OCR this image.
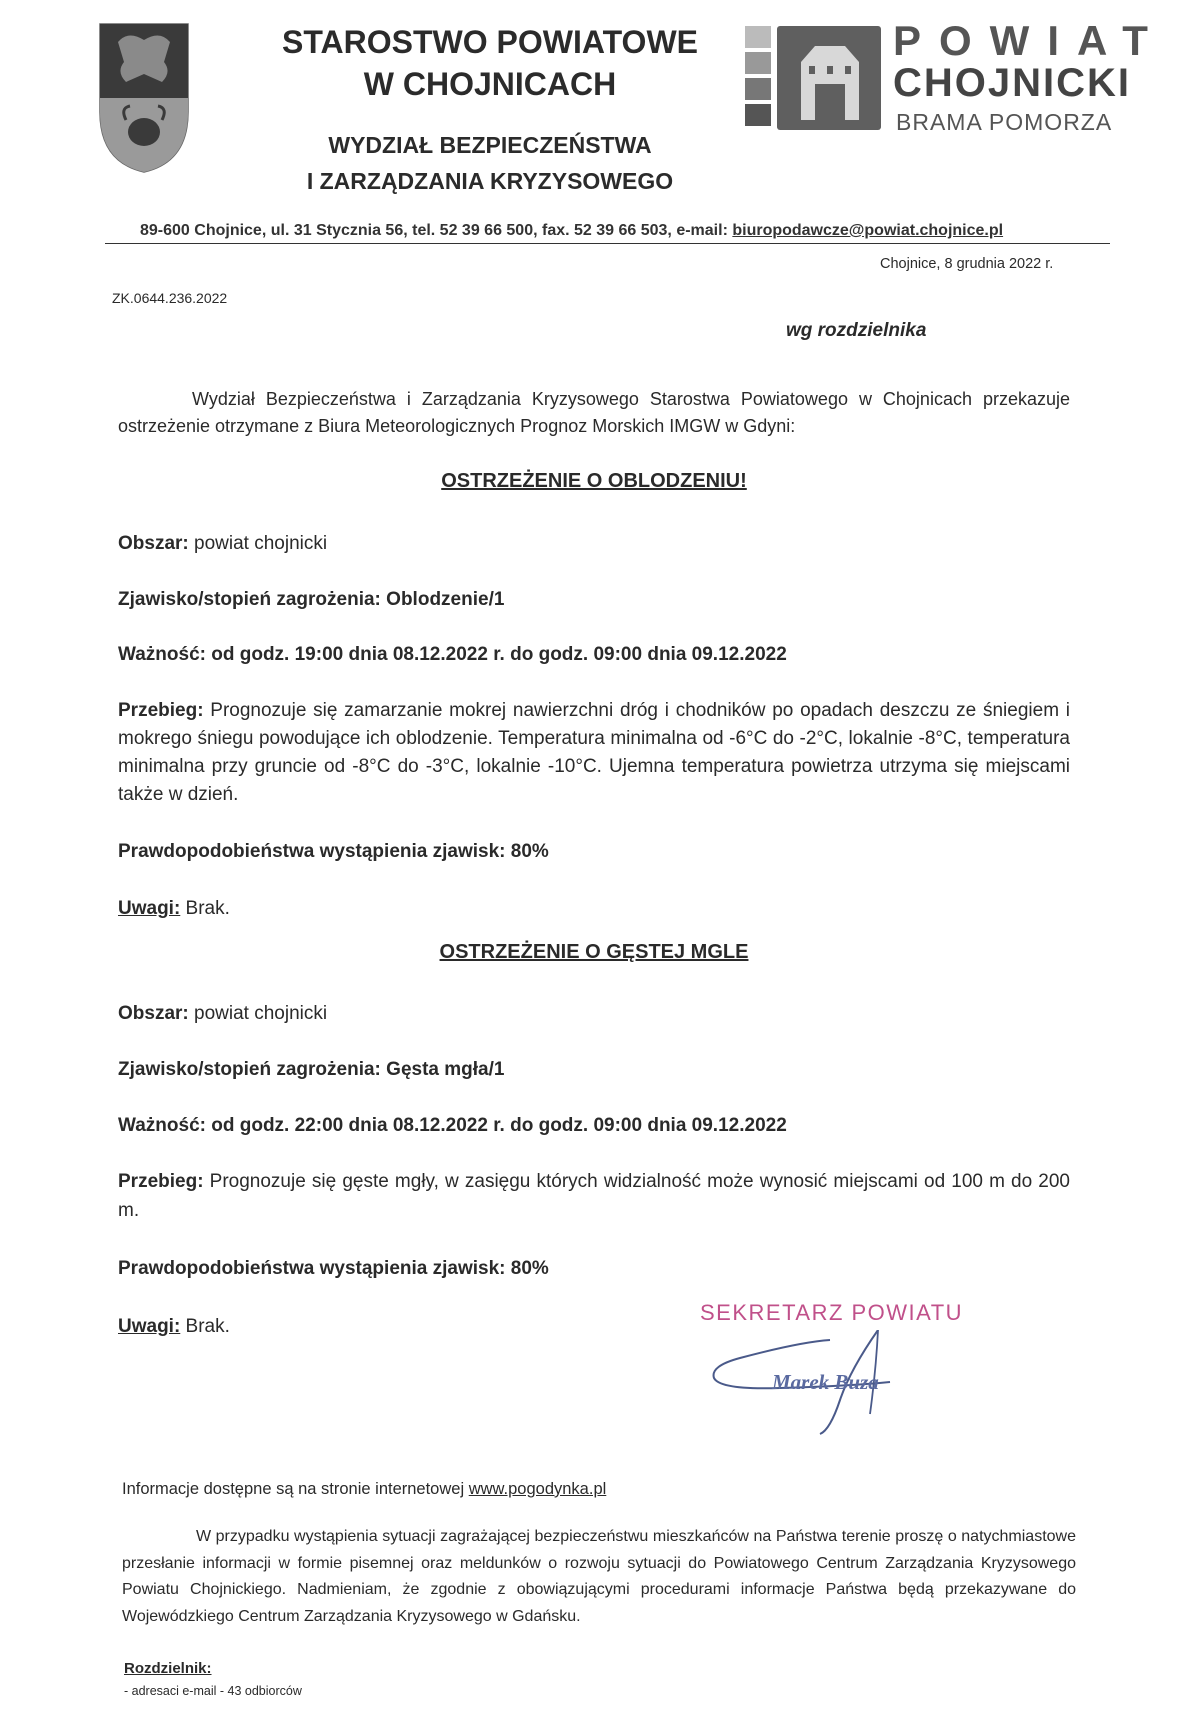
STAROSTWO POWIATOWE
W CHOJNICACH
WYDZIAŁ BEZPIECZEŃSTWA
I ZARZĄDZANIA KRYZYSOWEGO
POWIAT
CHOJNICKI
BRAMA POMORZA
89-600 Chojnice, ul. 31 Stycznia 56, tel. 52 39 66 500, fax. 52 39 66 503, e-mail: biuropodawcze@powiat.chojnice.pl
Chojnice, 8 grudnia 2022 r.
ZK.0644.236.2022
wg rozdzielnika
Wydział Bezpieczeństwa i Zarządzania Kryzysowego Starostwa Powiatowego w Chojnicach przekazuje ostrzeżenie otrzymane z Biura Meteorologicznych Prognoz Morskich IMGW w Gdyni:
OSTRZEŻENIE O OBLODZENIU!
Obszar: powiat chojnicki
Zjawisko/stopień zagrożenia: Oblodzenie/1
Ważność: od godz. 19:00 dnia 08.12.2022 r. do godz. 09:00 dnia 09.12.2022
Przebieg: Prognozuje się zamarzanie mokrej nawierzchni dróg i chodników po opadach deszczu ze śniegiem i mokrego śniegu powodujące ich oblodzenie. Temperatura minimalna od -6°C do -2°C, lokalnie -8°C, temperatura minimalna przy gruncie od -8°C do -3°C, lokalnie -10°C. Ujemna temperatura powietrza utrzyma się miejscami także w dzień.
Prawdopodobieństwa wystąpienia zjawisk: 80%
Uwagi: Brak.
OSTRZEŻENIE O GĘSTEJ MGLE
Obszar: powiat chojnicki
Zjawisko/stopień zagrożenia: Gęsta mgła/1
Ważność: od godz. 22:00 dnia 08.12.2022 r. do godz. 09:00 dnia 09.12.2022
Przebieg: Prognozuje się gęste mgły, w zasięgu których widzialność może wynosić miejscami od 100 m do 200 m.
Prawdopodobieństwa wystąpienia zjawisk: 80%
Uwagi: Brak.
SEKRETARZ POWIATU
Marek Buza
Informacje dostępne są na stronie internetowej www.pogodynka.pl
W przypadku wystąpienia sytuacji zagrażającej bezpieczeństwu mieszkańców na Państwa terenie proszę o natychmiastowe przesłanie informacji w formie pisemnej oraz meldunków o rozwoju sytuacji do Powiatowego Centrum Zarządzania Kryzysowego Powiatu Chojnickiego. Nadmieniam, że zgodnie z obowiązującymi procedurami informacje Państwa będą przekazywane do Wojewódzkiego Centrum Zarządzania Kryzysowego w Gdańsku.
Rozdzielnik:
- adresaci e-mail - 43 odbiorców
